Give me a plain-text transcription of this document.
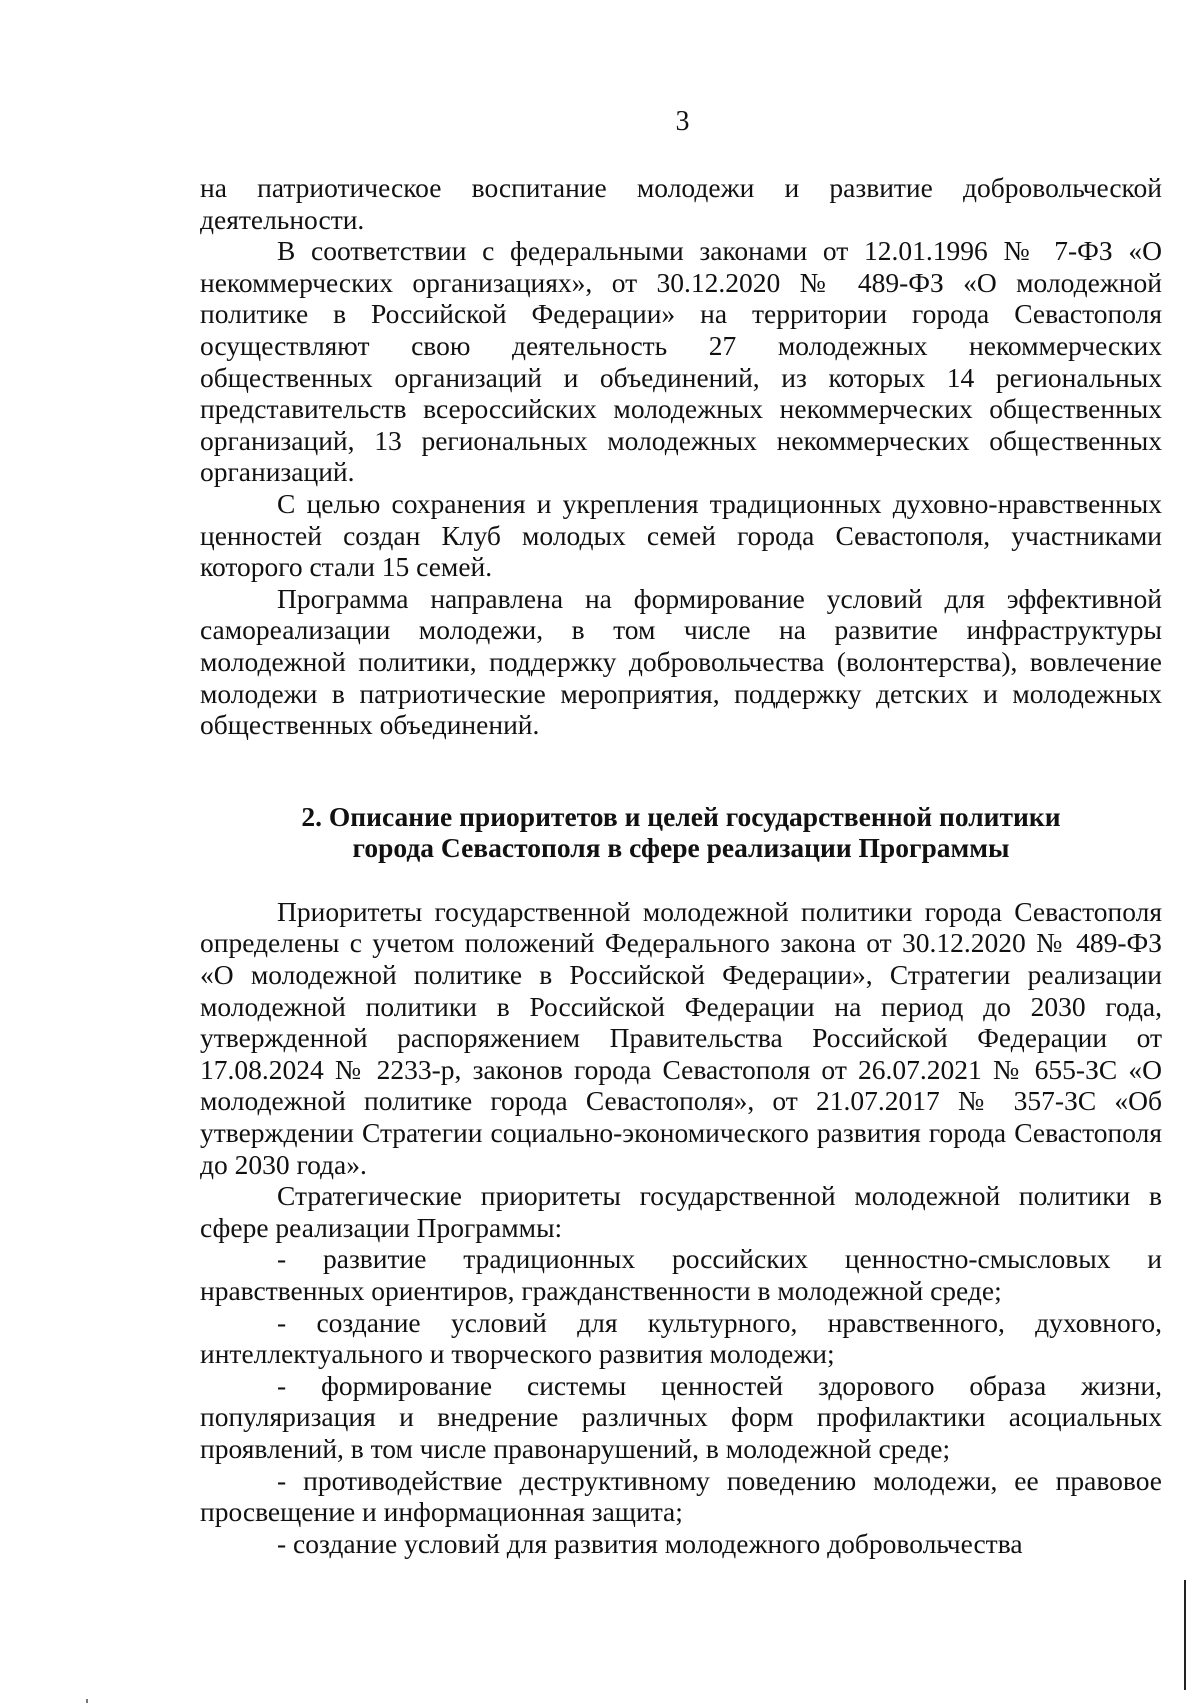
3

на патриотическое воспитание молодежи и развитие добровольческой деятельности.

В соответствии с федеральными законами от 12.01.1996 № 7-ФЗ «О некоммерческих организациях», от 30.12.2020 № 489-ФЗ «О молодежной политике в Российской Федерации» на территории города Севастополя осуществляют свою деятельность 27 молодежных некоммерческих общественных организаций и объединений, из которых 14 региональных представительств всероссийских молодежных некоммерческих общественных организаций, 13 региональных молодежных некоммерческих общественных организаций.

С целью сохранения и укрепления традиционных духовно-нравственных ценностей создан Клуб молодых семей города Севастополя, участниками которого стали 15 семей.

Программа направлена на формирование условий для эффективной самореализации молодежи, в том числе на развитие инфраструктуры молодежной политики, поддержку добровольчества (волонтерства), вовлечение молодежи в патриотические мероприятия, поддержку детских и молодежных общественных объединений.

2. Описание приоритетов и целей государственной политики
города Севастополя в сфере реализации Программы

Приоритеты государственной молодежной политики города Севастополя определены с учетом положений Федерального закона от 30.12.2020 № 489-ФЗ «О молодежной политике в Российской Федерации», Стратегии реализации молодежной политики в Российской Федерации на период до 2030 года, утвержденной распоряжением Правительства Российской Федерации от 17.08.2024 № 2233-р, законов города Севастополя от 26.07.2021 № 655-ЗС «О молодежной политике города Севастополя», от 21.07.2017 № 357-ЗС «Об утверждении Стратегии социально-экономического развития города Севастополя до 2030 года».

Стратегические приоритеты государственной молодежной политики в сфере реализации Программы:

- развитие традиционных российских ценностно-смысловых и нравственных ориентиров, гражданственности в молодежной среде;

- создание условий для культурного, нравственного, духовного, интеллектуального и творческого развития молодежи;

- формирование системы ценностей здорового образа жизни, популяризация и внедрение различных форм профилактики асоциальных проявлений, в том числе правонарушений, в молодежной среде;

- противодействие деструктивному поведению молодежи, ее правовое просвещение и информационная защита;

- создание условий для развития молодежного добровольчества
